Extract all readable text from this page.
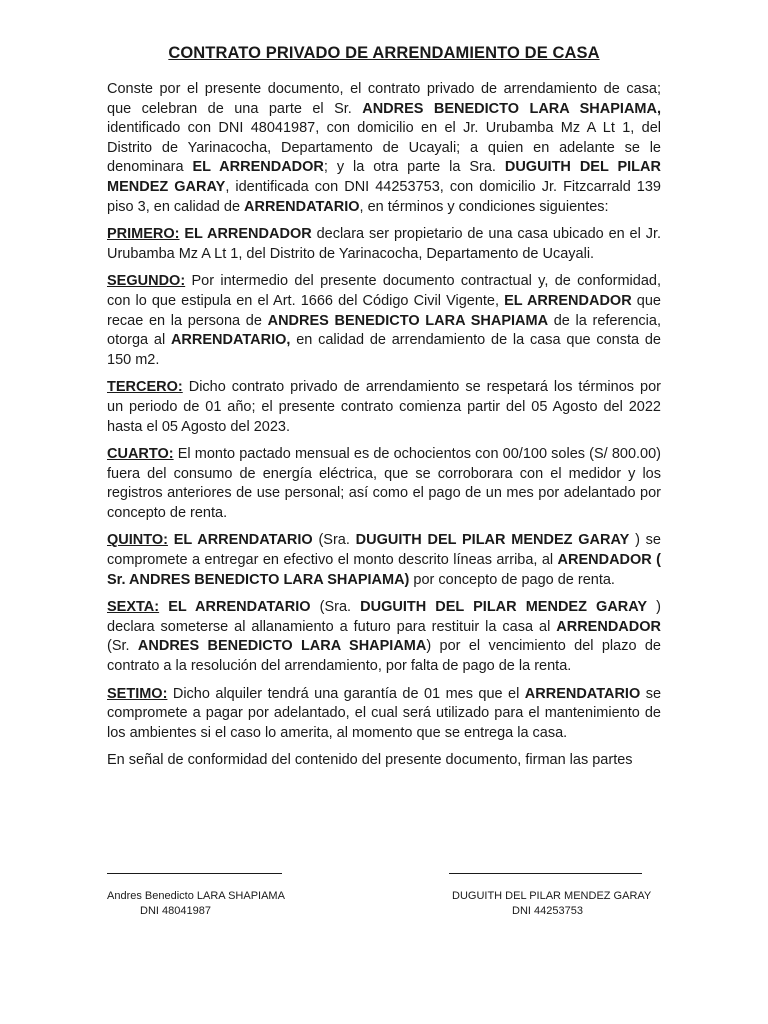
CONTRATO PRIVADO DE ARRENDAMIENTO DE CASA

Conste por el presente documento, el contrato privado de arrendamiento de casa; que celebran de una parte el Sr. ANDRES BENEDICTO LARA SHAPIAMA, identificado con DNI 48041987, con domicilio en el Jr. Urubamba Mz A Lt 1, del Distrito de Yarinacocha, Departamento de Ucayali; a quien en adelante se le denominara EL ARRENDADOR; y la otra parte la Sra. DUGUITH DEL PILAR MENDEZ GARAY, identificada con DNI 44253753, con domicilio Jr. Fitzcarrald 139 piso 3, en calidad de ARRENDATARIO, en términos y condiciones siguientes:

PRIMERO: EL ARRENDADOR declara ser propietario de una casa ubicado en el Jr. Urubamba Mz A Lt 1, del Distrito de Yarinacocha, Departamento de Ucayali.

SEGUNDO: Por intermedio del presente documento contractual y, de conformidad, con lo que estipula en el Art. 1666 del Código Civil Vigente, EL ARRENDADOR que recae en la persona de ANDRES BENEDICTO LARA SHAPIAMA de la referencia, otorga al ARRENDATARIO, en calidad de arrendamiento de la casa que consta de 150 m2.

TERCERO: Dicho contrato privado de arrendamiento se respetará los términos por un periodo de 01 año; el presente contrato comienza partir del 05 Agosto del 2022 hasta el 05 Agosto del 2023.

CUARTO: El monto pactado mensual es de ochocientos con 00/100 soles (S/ 800.00) fuera del consumo de energía eléctrica, que se corroborara con el medidor y los registros anteriores de use personal; así como el pago de un mes por adelantado por concepto de renta.

QUINTO: EL ARRENDATARIO (Sra. DUGUITH DEL PILAR MENDEZ GARAY ) se compromete a entregar en efectivo el monto descrito líneas arriba, al ARENDADOR ( Sr. ANDRES BENEDICTO LARA SHAPIAMA) por concepto de pago de renta.

SEXTA: EL ARRENDATARIO (Sra. DUGUITH DEL PILAR MENDEZ GARAY ) declara someterse al allanamiento a futuro para restituir la casa al ARRENDADOR (Sr. ANDRES BENEDICTO LARA SHAPIAMA) por el vencimiento del plazo de contrato a la resolución del arrendamiento, por falta de pago de la renta.

SETIMO: Dicho alquiler tendrá una garantía de 01 mes que el ARRENDATARIO se compromete a pagar por adelantado, el cual será utilizado para el mantenimiento de los ambientes si el caso lo amerita, al momento que se entrega la casa.

En señal de conformidad del contenido del presente documento, firman las partes

Andres Benedicto LARA SHAPIAMA
DNI 48041987
DUGUITH DEL PILAR MENDEZ GARAY
DNI 44253753
